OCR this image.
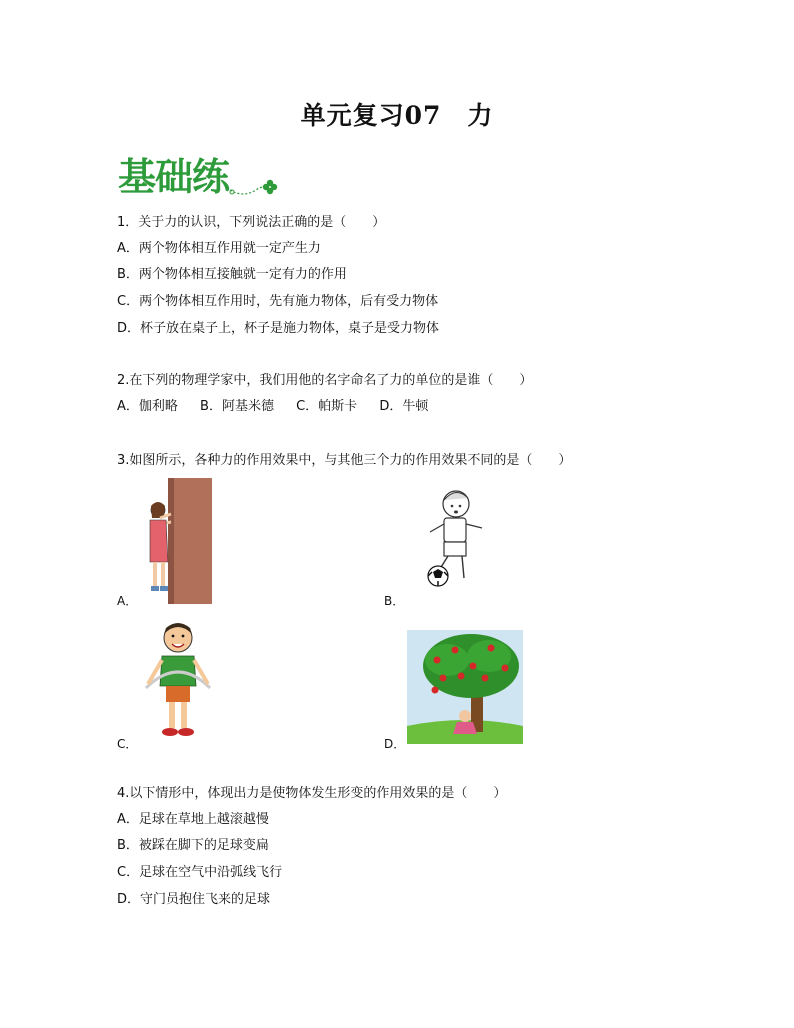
单元复习07　力
基础练
1．关于力的认识，下列说法正确的是（　　）
A．两个物体相互作用就一定产生力
B．两个物体相互接触就一定有力的作用
C．两个物体相互作用时，先有施力物体，后有受力物体
D．杯子放在桌子上，杯子是施力物体，桌子是受力物体
2.在下列的物理学家中，我们用他的名字命名了力的单位的是谁（　　）
A．伽利略 B．阿基米德 C．帕斯卡 D．牛顿
3.如图所示，各种力的作用效果中，与其他三个力的作用效果不同的是（　　）
A．	B．
C．	D．
4.以下情形中，体现出力是使物体发生形变的作用效果的是（　　）
A．足球在草地上越滚越慢
B．被踩在脚下的足球变扁
C．足球在空气中沿弧线飞行
D．守门员抱住飞来的足球
